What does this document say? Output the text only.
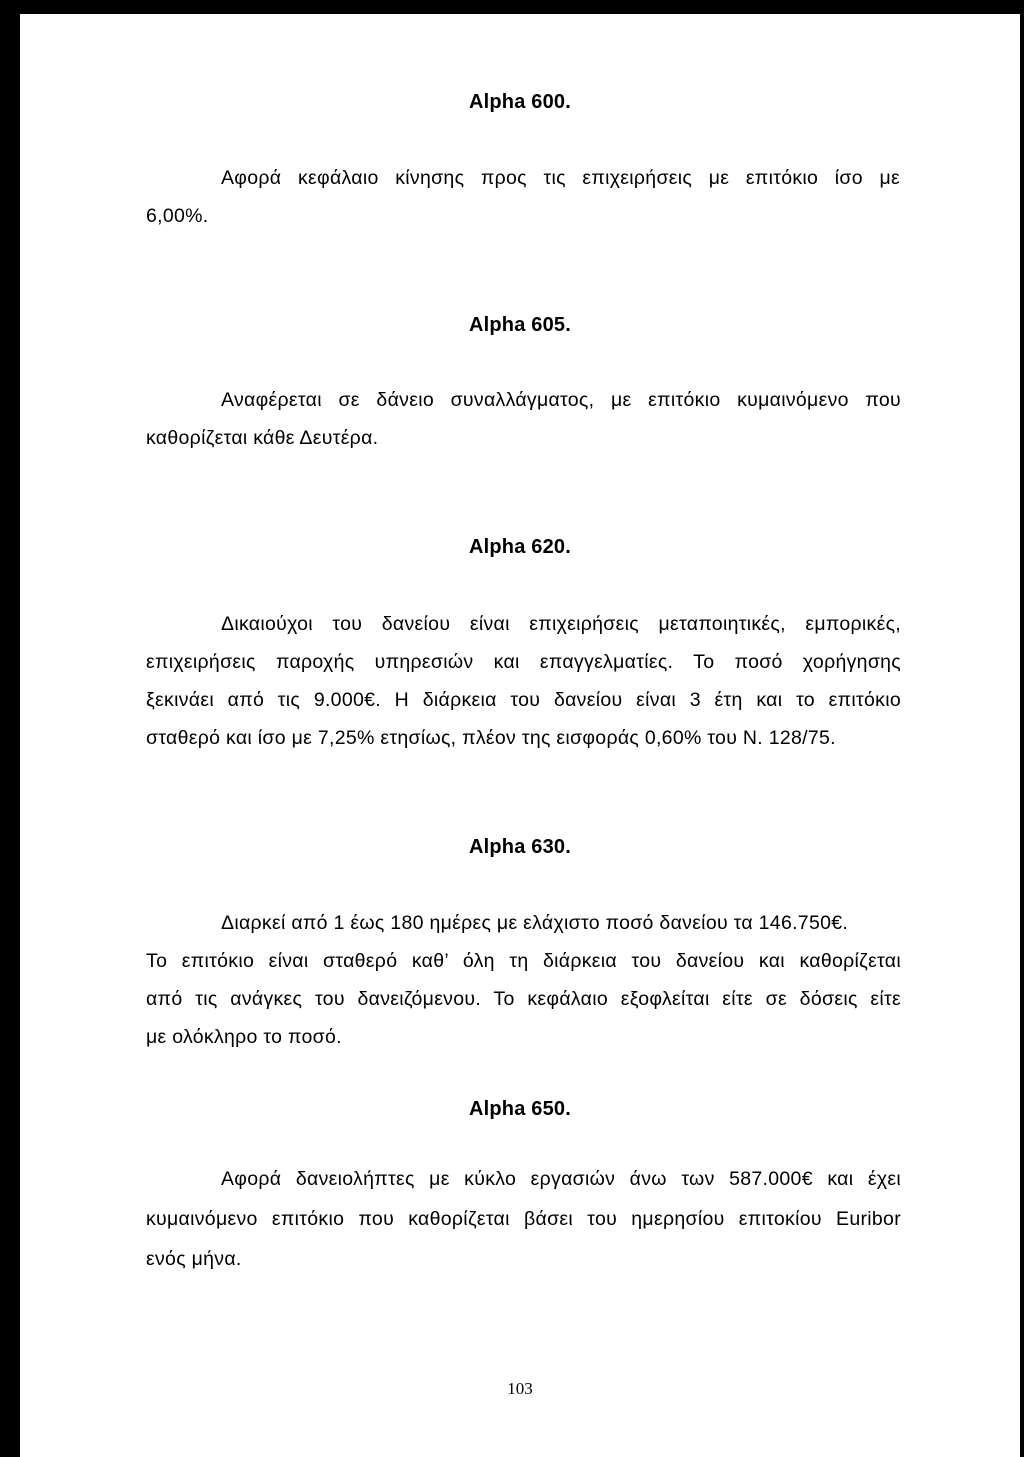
Alpha 600.
Αφορά κεφάλαιο κίνησης προς τις επιχειρήσεις με επιτόκιο ίσο με
6,00%.
Alpha 605.
Αναφέρεται σε δάνειο συναλλάγματος, με επιτόκιο κυμαινόμενο που
καθορίζεται κάθε Δευτέρα.
Alpha 620.
Δικαιούχοι του δανείου είναι επιχειρήσεις μεταποιητικές, εμπορικές,
επιχειρήσεις παροχής υπηρεσιών και επαγγελματίες. Το ποσό χορήγησης
ξεκινάει από τις 9.000€. Η διάρκεια του δανείου είναι 3 έτη και το επιτόκιο
σταθερό και ίσο με 7,25% ετησίως, πλέον της εισφοράς 0,60% του Ν. 128/75.
Alpha 630.
Διαρκεί από 1 έως 180 ημέρες με ελάχιστο ποσό δανείου τα 146.750€.
Το επιτόκιο είναι σταθερό καθ’ όλη τη διάρκεια του δανείου και καθορίζεται
από τις ανάγκες του δανειζόμενου. Το κεφάλαιο εξοφλείται είτε σε δόσεις είτε
με ολόκληρο το ποσό.
Alpha 650.
Αφορά δανειολήπτες με κύκλο εργασιών άνω των 587.000€ και έχει
κυμαινόμενο επιτόκιο που καθορίζεται βάσει του ημερησίου επιτοκίου Euribor
ενός μήνα.
103
